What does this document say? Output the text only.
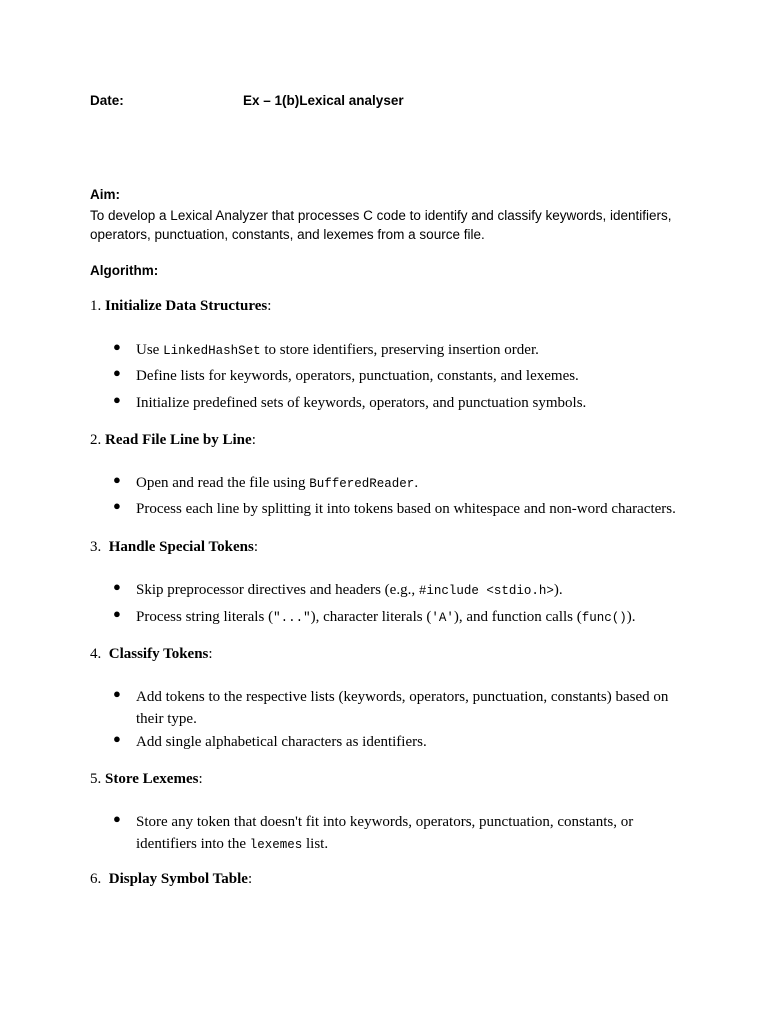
Date:	Ex – 1(b)Lexical analyser
Aim:
To develop a Lexical Analyzer that processes C code to identify and classify keywords, identifiers, operators, punctuation, constants, and lexemes from a source file.
Algorithm:
1. Initialize Data Structures:
● Use LinkedHashSet to store identifiers, preserving insertion order.
● Define lists for keywords, operators, punctuation, constants, and lexemes.
● Initialize predefined sets of keywords, operators, and punctuation symbols.
2. Read File Line by Line:
● Open and read the file using BufferedReader.
● Process each line by splitting it into tokens based on whitespace and non-word characters.
3.  Handle Special Tokens:
● Skip preprocessor directives and headers (e.g., #include <stdio.h>).
● Process string literals ("..."), character literals ('A'), and function calls (func()).
4.  Classify Tokens:
● Add tokens to the respective lists (keywords, operators, punctuation, constants) based on their type.
● Add single alphabetical characters as identifiers.
5. Store Lexemes:
● Store any token that doesn't fit into keywords, operators, punctuation, constants, or identifiers into the lexemes list.
6.  Display Symbol Table:
